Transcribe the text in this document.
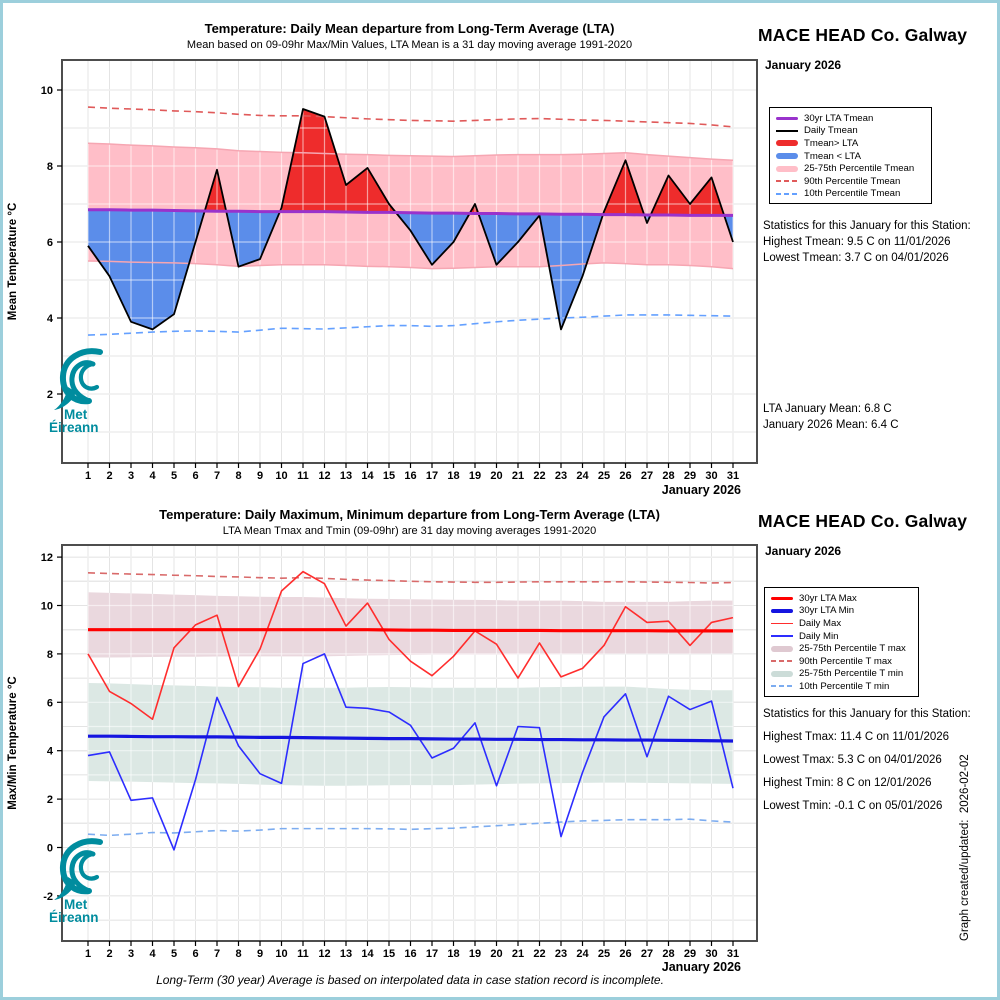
1 2 3 4 5 6 7 8 9 10 11 12 13 14 15 16 17 18 19 20 21 22 23 24 25 26 27 28 29 30 31
2
4
6
8
10
Temperature: Daily Mean departure from Long-Term Average (LTA)
Mean based on 09-09hr Max/Min Values, LTA Mean is a 31 day moving average 1991-2020
January 2026
Mean Temperature °C
1 2 3 4 5 6 7 8 9 10 11 12 13 14 15 16 17 18 19 20 21 22 23 24 25 26 27 28 29 30 31
-2
0
2
4
6
8
10
12
Temperature: Daily Maximum, Minimum departure from Long-Term Average (LTA)
LTA Mean Tmax and Tmin (09-09hr) are 31 day moving averages 1991-2020
January 2026
Max/Min Temperature °C
Met
Éireann
Met
Éireann
MACE HEAD Co. Galway
January 2026
30yr LTA Tmean
Daily Tmean
Tmean> LTA
Tmean < LTA
25-75th Percentile Tmean
90th Percentile Tmean
10th Percentile Tmean
Statistics for this January for this Station:
Highest Tmean: 9.5 C on 11/01/2026
Lowest Tmean: 3.7 C on 04/01/2026
LTA January Mean: 6.8 C
January 2026 Mean: 6.4 C
MACE HEAD Co. Galway
January 2026
30yr LTA Max
30yr LTA Min
Daily Max
Daily Min
25-75th Percentile T max
90th Percentile T max
25-75th Percentile T min
10th Percentile T min
Statistics for this January for this Station:
Highest Tmax: 11.4 C on 11/01/2026
Lowest Tmax: 5.3 C on 04/01/2026
Highest Tmin: 8 C on 12/01/2026
Lowest Tmin: -0.1 C on 05/01/2026	Graph created/updated:  2026-02-02
Long-Term (30 year) Average is based on interpolated data in case station record is incomplete.
